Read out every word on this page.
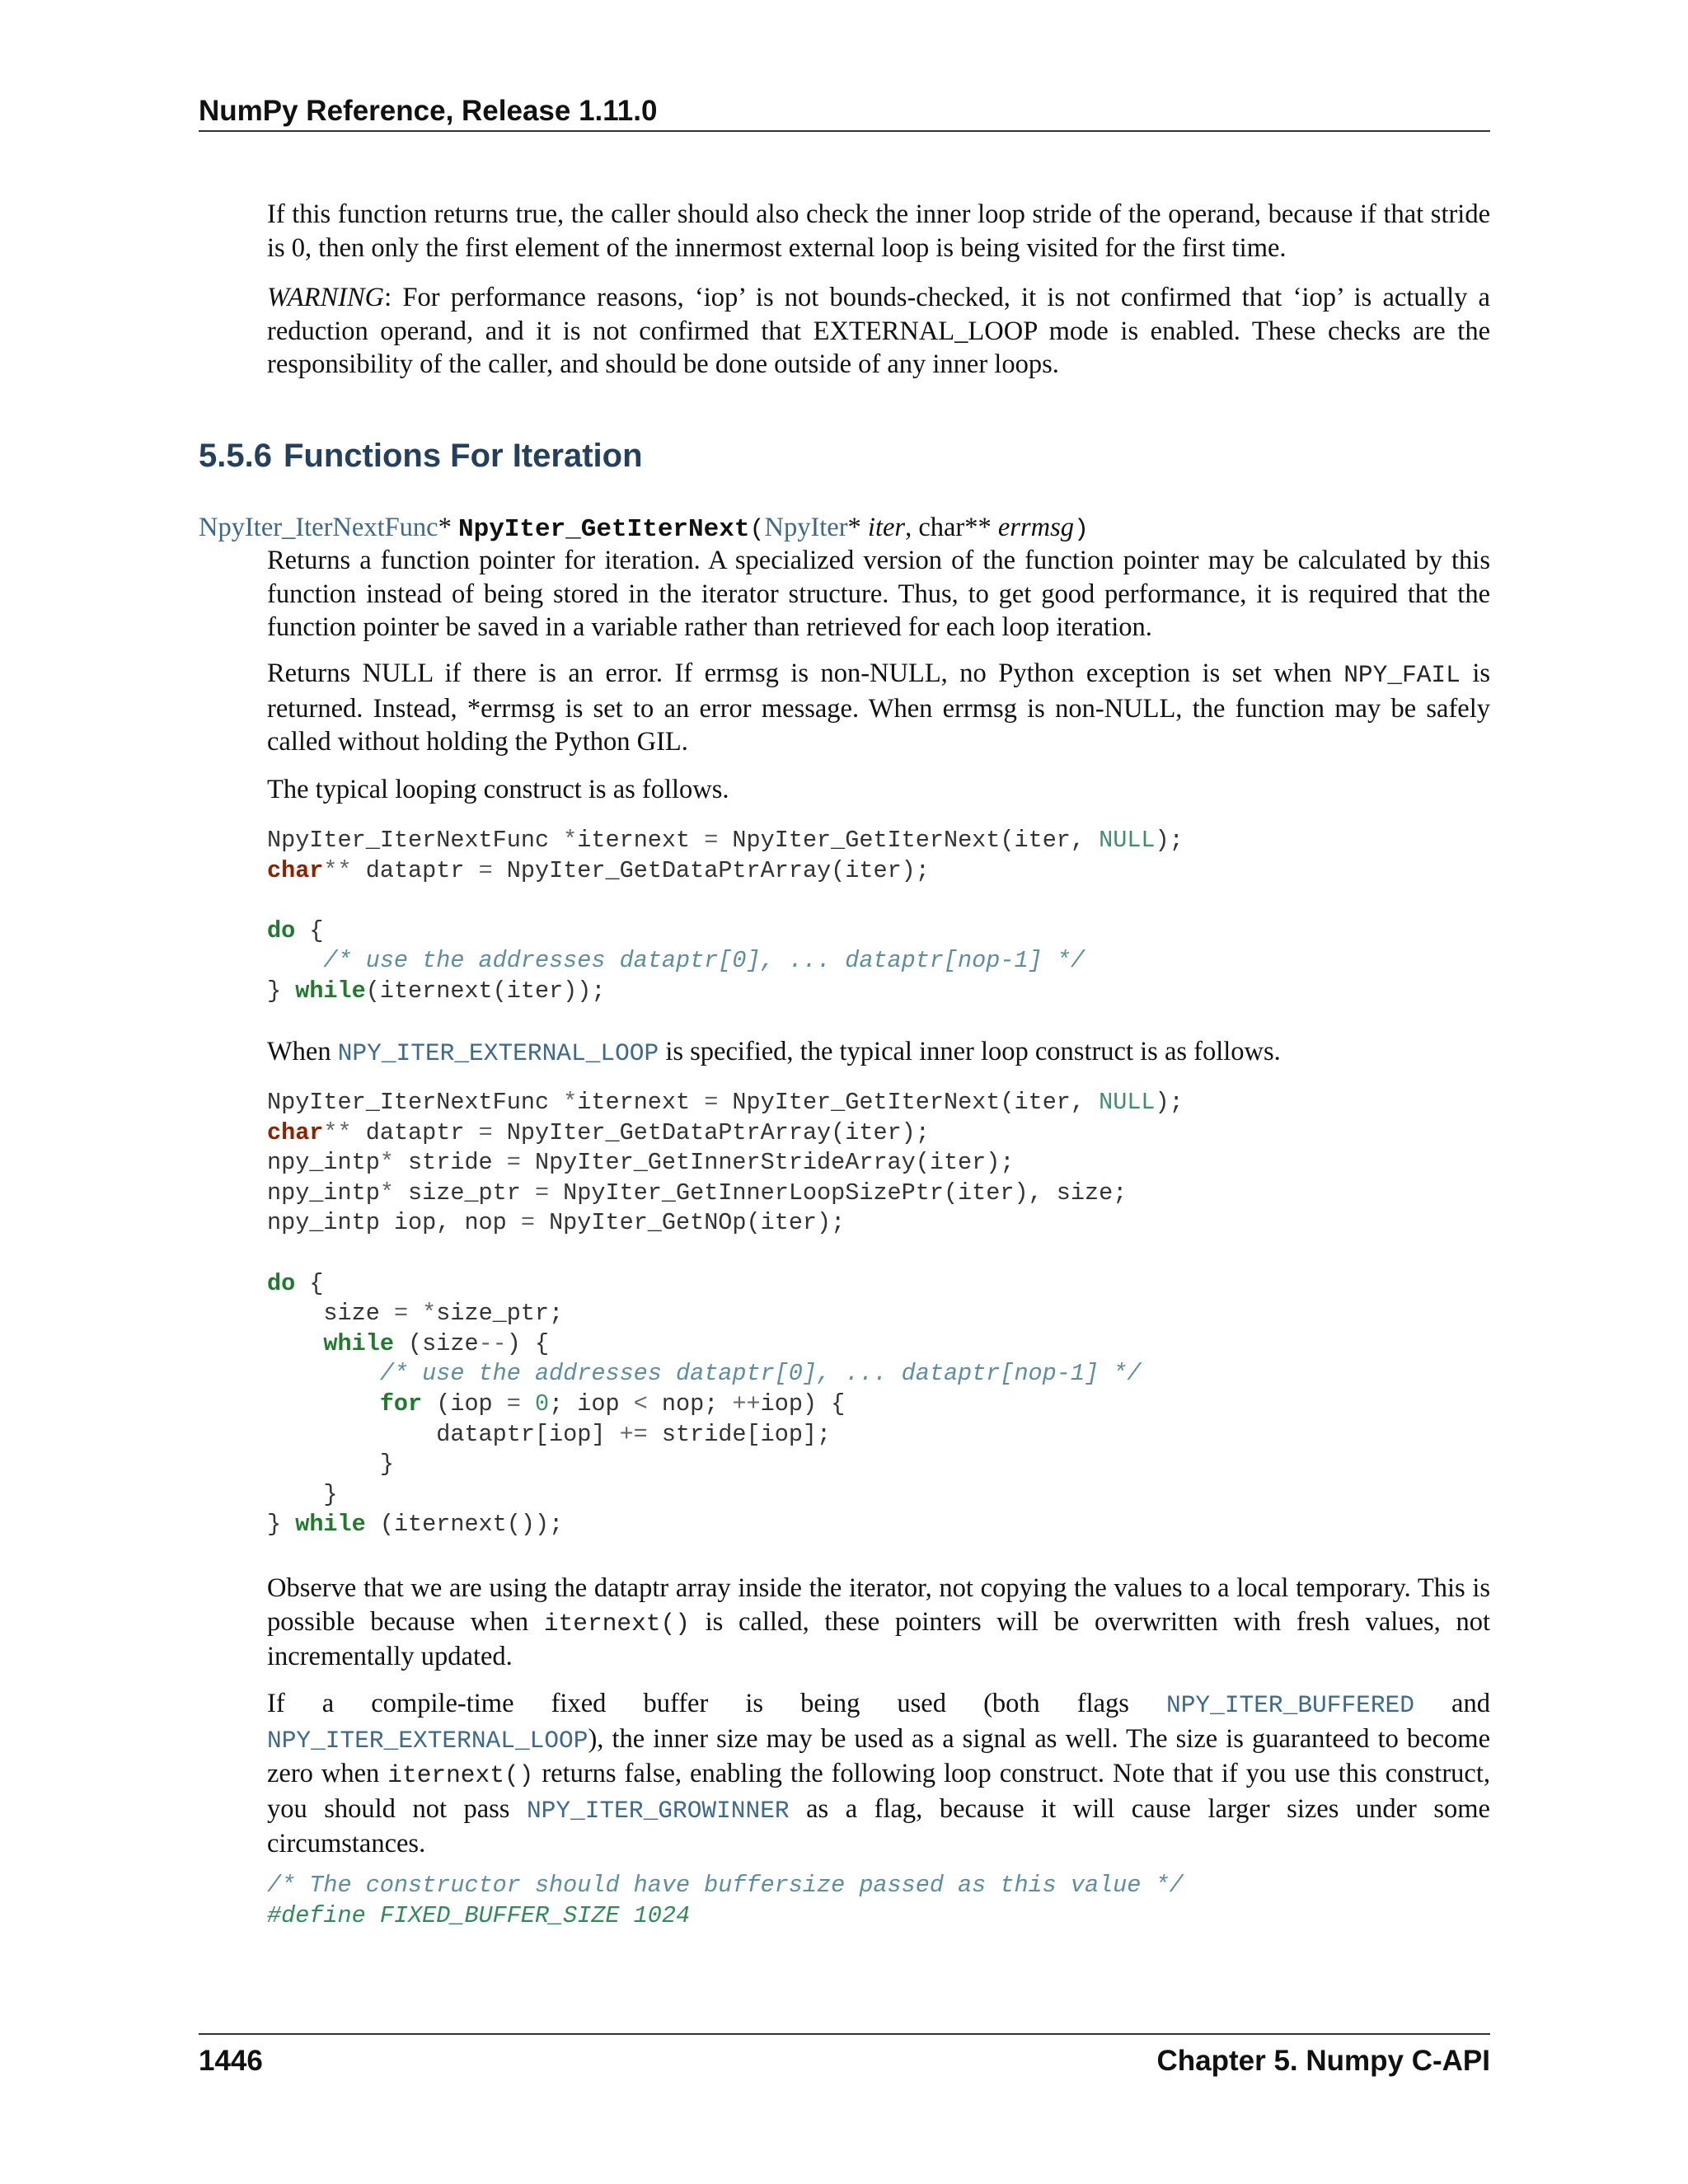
NumPy Reference, Release 1.11.0

If this function returns true, the caller should also check the inner loop stride of the operand, because if that stride is 0, then only the first element of the innermost external loop is being visited for the first time.

WARNING: For performance reasons, ‘iop’ is not bounds-checked, it is not confirmed that ‘iop’ is actually a reduction operand, and it is not confirmed that EXTERNAL_LOOP mode is enabled. These checks are the responsibility of the caller, and should be done outside of any inner loops.

5.5.6 Functions For Iteration
NpyIter_IterNextFunc* NpyIter_GetIterNext(NpyIter* iter, char** errmsg)

Returns a function pointer for iteration. A specialized version of the function pointer may be calculated by this function instead of being stored in the iterator structure. Thus, to get good performance, it is required that the function pointer be saved in a variable rather than retrieved for each loop iteration.

Returns NULL if there is an error. If errmsg is non-NULL, no Python exception is set when NPY_FAIL is returned. Instead, *errmsg is set to an error message. When errmsg is non-NULL, the function may be safely called without holding the Python GIL.

The typical looping construct is as follows.

NpyIter_IterNextFunc *iternext = NpyIter_GetIterNext(iter, NULL);
char** dataptr = NpyIter_GetDataPtrArray(iter);

do {
/* use the addresses dataptr[0], ... dataptr[nop-1] */
} while(iternext(iter));

When NPY_ITER_EXTERNAL_LOOP is specified, the typical inner loop construct is as follows.

NpyIter_IterNextFunc *iternext = NpyIter_GetIterNext(iter, NULL);
char** dataptr = NpyIter_GetDataPtrArray(iter);
npy_intp* stride = NpyIter_GetInnerStrideArray(iter);
npy_intp* size_ptr = NpyIter_GetInnerLoopSizePtr(iter), size;
npy_intp iop, nop = NpyIter_GetNOp(iter);

do {
size = *size_ptr;
while (size--) {
/* use the addresses dataptr[0], ... dataptr[nop-1] */
for (iop = 0; iop < nop; ++iop) {
dataptr[iop] += stride[iop];
}
}
} while (iternext());

Observe that we are using the dataptr array inside the iterator, not copying the values to a local temporary. This is possible because when iternext() is called, these pointers will be overwritten with fresh values, not incrementally updated.

If a compile-time fixed buffer is being used (both flags NPY_ITER_BUFFERED and NPY_ITER_EXTERNAL_LOOP), the inner size may be used as a signal as well. The size is guaranteed to become zero when iternext() returns false, enabling the following loop construct. Note that if you use this construct, you should not pass NPY_ITER_GROWINNER as a flag, because it will cause larger sizes under some circumstances.

/* The constructor should have buffersize passed as this value */
#define FIXED_BUFFER_SIZE 1024
1446	Chapter 5. Numpy C-API
